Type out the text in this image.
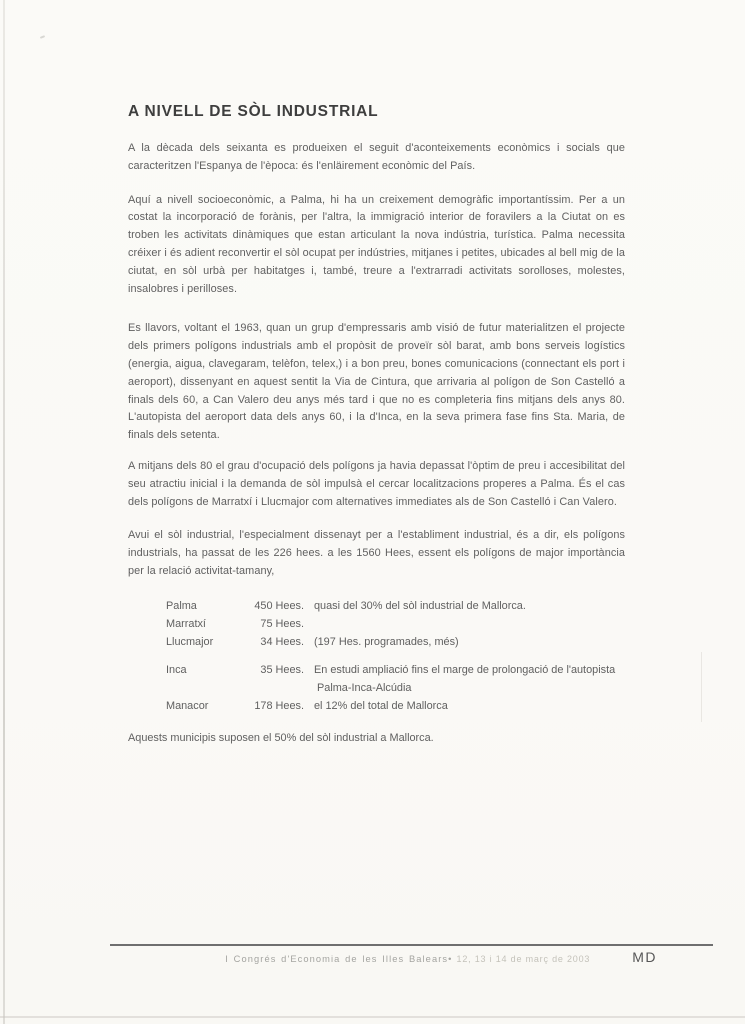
A NIVELL DE SÒL INDUSTRIAL

A la dècada dels seixanta es produeixen el seguit d'aconteixements econòmics i socials que caracteritzen l'Espanya de l'època: és l'enläirement econòmic del País.

Aquí a nivell socioeconòmic, a Palma, hi ha un creixement demogràfic importantíssim. Per a un costat la incorporació de forànis, per l'altra, la immigració interior de foravilers a la Ciutat on es troben les activitats dinàmiques que estan articulant la nova indústria, turística. Palma necessita créixer i és adient reconvertir el sòl ocupat per indústries, mitjanes i petites, ubicades al bell mig de la ciutat, en sòl urbà per habitatges i, també, treure a l'extrarradi activitats sorolloses, molestes, insalobres i perilloses.

Es llavors, voltant el 1963, quan un grup d'empressaris amb visió de futur materialitzen el projecte dels primers polígons industrials amb el propòsit de proveïr sòl barat, amb bons serveis logístics (energia, aigua, clavegaram, telèfon, telex,) i a bon preu, bones comunicacions (connectant els port i aeroport), dissenyant en aquest sentit la Via de Cintura, que arrivaria al polígon de Son Castelló a finals dels 60, a Can Valero deu anys més tard i que no es completeria fins mitjans dels anys 80. L'autopista del aeroport data dels anys 60, i la d'Inca, en la seva primera fase fins Sta. Maria, de finals dels setenta.

A mitjans dels 80 el grau d'ocupació dels polígons ja havia depassat l'òptim de preu i accesibilitat del seu atractiu inicial i la demanda de sòl impulsà el cercar localitzacions properes a Palma. És el cas dels polígons de Marratxí i Llucmajor com alternatives immediates als de Son Castelló i Can Valero.

Avui el sòl industrial, l'especialment dissenayt per a l'establiment industrial, és a dir, els polígons industrials, ha passat de les 226 hees. a les 1560 Hees, essent els polígons de major importància per la relació activitat-tamany,

Palma	450 Hees. quasi del 30% del sòl industrial de Mallorca.
Marratxí	75 Hees.
Llucmajor	34 Hees. (197 Hes. programades, més)
Inca	35 Hees. En estudi ampliació fins el marge de prolongació de l'autopista
Palma-Inca-Alcúdia
Manacor	178 Hees. el 12% del total de Mallorca

Aquests municipis suposen el 50% del sòl industrial a Mallorca.

I Congrés d'Economia de les Illes Balears• 12, 13 i 14 de març de 2003	MD
